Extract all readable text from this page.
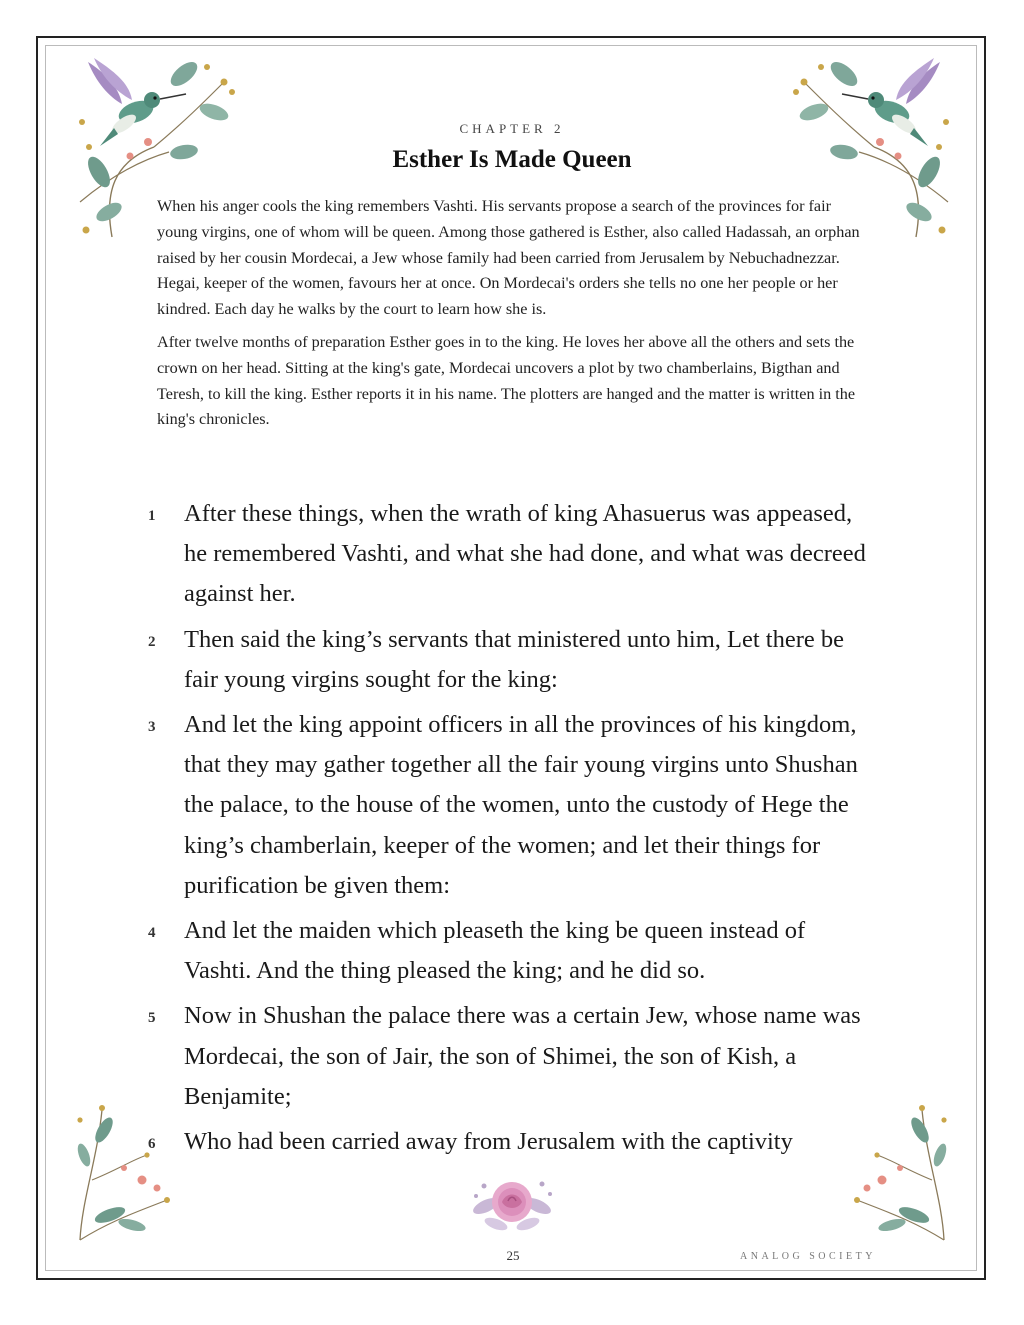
CHAPTER 2
Esther Is Made Queen

When his anger cools the king remembers Vashti. His servants propose a search of the provinces for fair young virgins, one of whom will be queen. Among those gathered is Esther, also called Hadassah, an orphan raised by her cousin Mordecai, a Jew whose family had been carried from Jerusalem by Nebuchadnezzar. Hegai, keeper of the women, favours her at once. On Mordecai's orders she tells no one her people or her kindred. Each day he walks by the court to learn how she is.

After twelve months of preparation Esther goes in to the king. He loves her above all the others and sets the crown on her head. Sitting at the king's gate, Mordecai uncovers a plot by two chamberlains, Bigthan and Teresh, to kill the king. Esther reports it in his name. The plotters are hanged and the matter is written in the king's chronicles.

1 After these things, when the wrath of king Ahasuerus was appeased, he remembered Vashti, and what she had done, and what was decreed against her.
2 Then said the king’s servants that ministered unto him, Let there be fair young virgins sought for the king:
3 And let the king appoint officers in all the provinces of his kingdom, that they may gather together all the fair young virgins unto Shushan the palace, to the house of the women, unto the custody of Hege the king’s chamberlain, keeper of the women; and let their things for purification be given them:
4 And let the maiden which pleaseth the king be queen instead of Vashti. And the thing pleased the king; and he did so.
5 Now in Shushan the palace there was a certain Jew, whose name was Mordecai, the son of Jair, the son of Shimei, the son of Kish, a Benjamite;
6 Who had been carried away from Jerusalem with the captivity
25	ANALOG SOCIETY
